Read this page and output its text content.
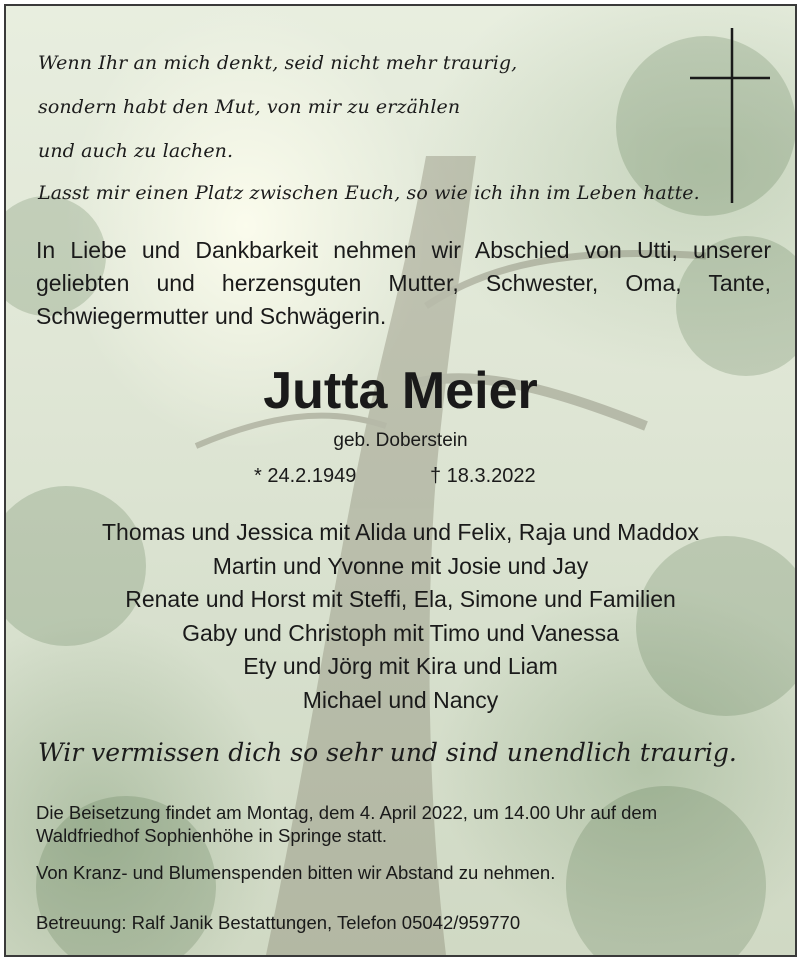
Wenn Ihr an mich denkt, seid nicht mehr traurig,
sondern habt den Mut, von mir zu erzählen
und auch zu lachen.
Lasst mir einen Platz zwischen Euch, so wie ich ihn im Leben hatte.
In Liebe und Dankbarkeit nehmen wir Abschied von Utti, unserer geliebten und herzensguten Mutter, Schwester, Oma, Tante, Schwiegermutter und Schwägerin.
Jutta Meier
geb. Doberstein
* 24.2.1949	† 18.3.2022
Thomas und Jessica mit Alida und Felix, Raja und Maddox
Martin und Yvonne mit Josie und Jay
Renate und Horst mit Steffi, Ela, Simone und Familien
Gaby und Christoph mit Timo und Vanessa
Ety und Jörg mit Kira und Liam
Michael und Nancy
Wir vermissen dich so sehr und sind unendlich traurig.
Die Beisetzung findet am Montag, dem 4. April 2022, um 14.00 Uhr auf dem Waldfriedhof Sophienhöhe in Springe statt.
Von Kranz- und Blumenspenden bitten wir Abstand zu nehmen.
Betreuung: Ralf Janik Bestattungen, Telefon 05042/959770
